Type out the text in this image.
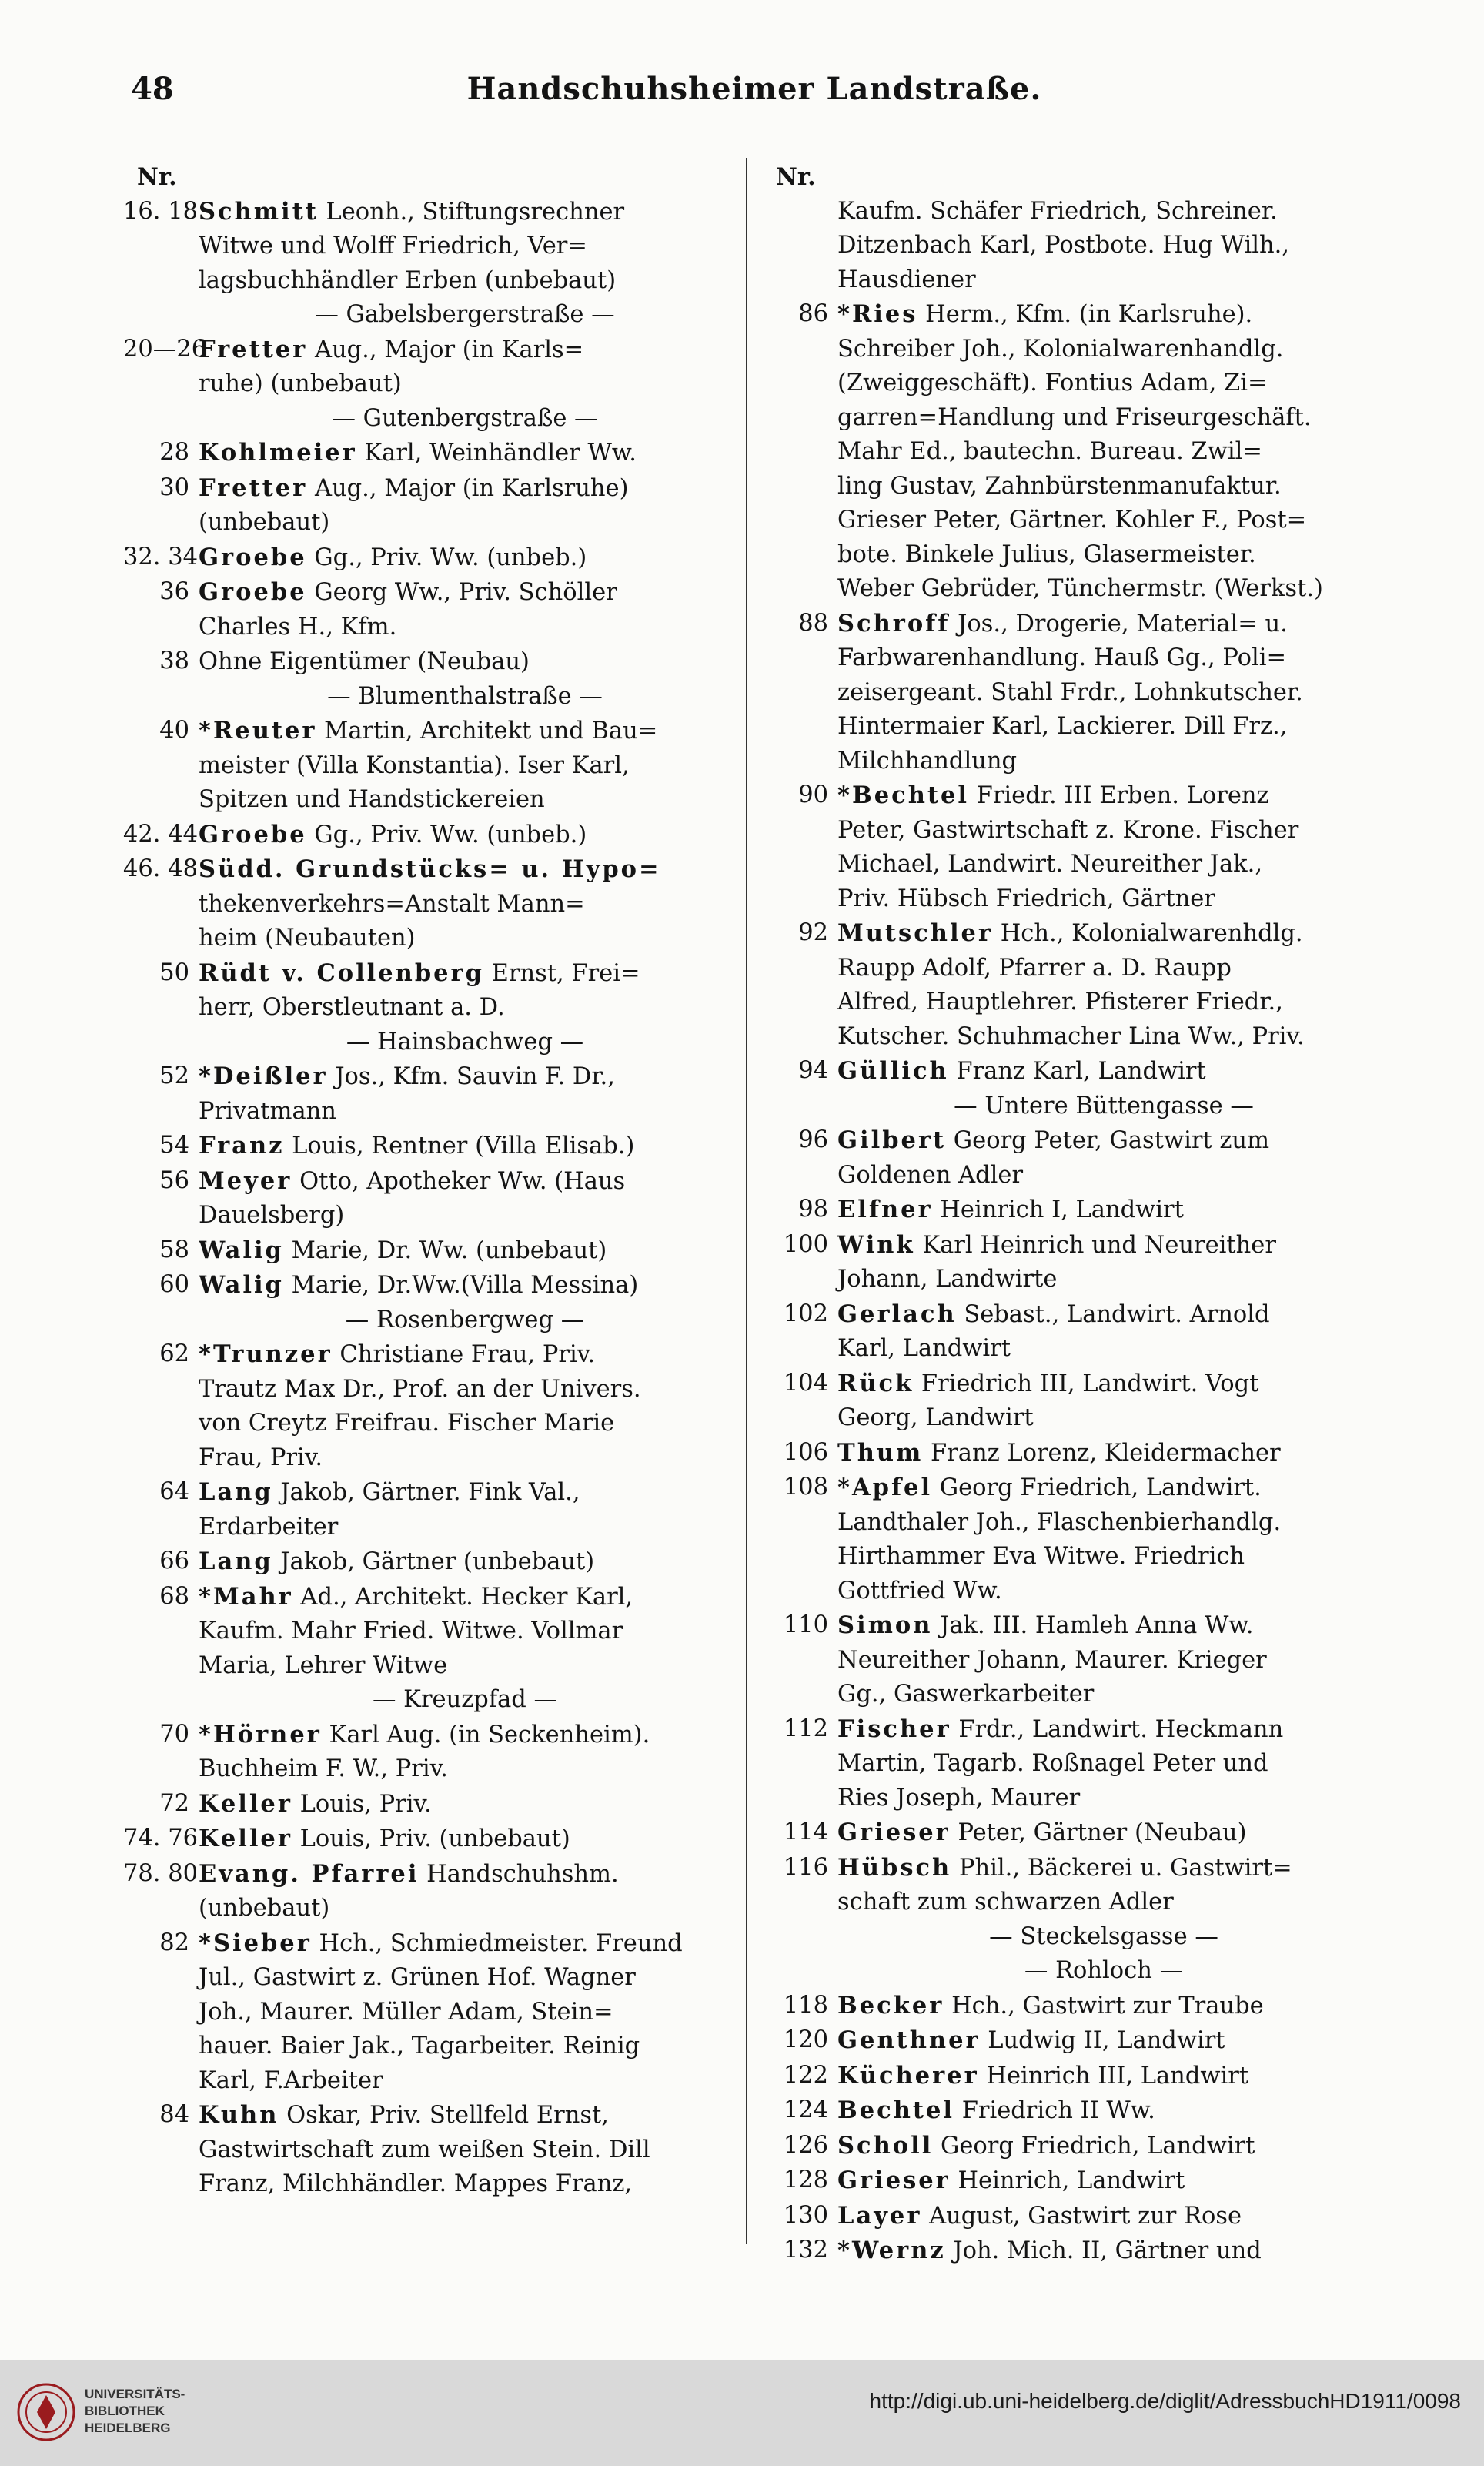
48	Handschuhsheimer Landstraße.
Nr.
16. 18 Schmitt Leonh., Stiftungsrechner
Witwe und Wolff Friedrich, Ver=
lagsbuchhändler Erben (unbebaut)
— Gabelsbergerstraße —
20—26
Fretter Aug., Major (in Karls=
ruhe) (unbebaut)
— Gutenbergstraße —
28 Kohlmeier Karl, Weinhändler Ww.
30 Fretter Aug., Major (in Karlsruhe)
(unbebaut)
32. 34 Groebe Gg., Priv. Ww. (unbeb.)
36 Groebe Georg Ww., Priv. Schöller
Charles H., Kfm.
38 Ohne Eigentümer (Neubau)
— Blumenthalstraße —
40 *Reuter Martin, Architekt und Bau=
meister (Villa Konstantia). Iser Karl,
Spitzen und Handstickereien
42. 44 Groebe Gg., Priv. Ww. (unbeb.)
46. 48 Südd. Grundstücks= u. Hypo=
thekenverkehrs=Anstalt Mann=
heim (Neubauten)
50 Rüdt v. Collenberg Ernst, Frei=
herr, Oberstleutnant a. D.
— Hainsbachweg —
52 *Deißler Jos., Kfm. Sauvin F. Dr.,
Privatmann
54 Franz Louis, Rentner (Villa Elisab.)
56 Meyer Otto, Apotheker Ww. (Haus
Dauelsberg)
58 Walig Marie, Dr. Ww. (unbebaut)
60 Walig Marie, Dr.Ww.(Villa Messina)
— Rosenbergweg —
62 *Trunzer Christiane Frau, Priv.
Trautz Max Dr., Prof. an der Univers.
von Creytz Freifrau. Fischer Marie
Frau, Priv.
64 Lang Jakob, Gärtner. Fink Val.,
Erdarbeiter
66 Lang Jakob, Gärtner (unbebaut)
68 *Mahr Ad., Architekt. Hecker Karl,
Kaufm. Mahr Fried. Witwe. Vollmar
Maria, Lehrer Witwe
— Kreuzpfad —
70 *Hörner Karl Aug. (in Seckenheim).
Buchheim F. W., Priv.
72 Keller Louis, Priv.
74. 76 Keller Louis, Priv. (unbebaut)
78. 80 Evang. Pfarrei Handschuhshm.
(unbebaut)
82 *Sieber Hch., Schmiedmeister. Freund
Jul., Gastwirt z. Grünen Hof. Wagner
Joh., Maurer. Müller Adam, Stein=
hauer. Baier Jak., Tagarbeiter. Reinig
Karl, F.Arbeiter
84 Kuhn Oskar, Priv. Stellfeld Ernst,
Gastwirtschaft zum weißen Stein. Dill
Franz, Milchhändler. Mappes Franz,
Nr.
Kaufm. Schäfer Friedrich, Schreiner.
Ditzenbach Karl, Postbote. Hug Wilh.,
Hausdiener
86 *Ries Herm., Kfm. (in Karlsruhe).
Schreiber Joh., Kolonialwarenhandlg.
(Zweiggeschäft). Fontius Adam, Zi=
garren=Handlung und Friseurgeschäft.
Mahr Ed., bautechn. Bureau. Zwil=
ling Gustav, Zahnbürstenmanufaktur.
Grieser Peter, Gärtner. Kohler F., Post=
bote. Binkele Julius, Glasermeister.
Weber Gebrüder, Tünchermstr. (Werkst.)
88 Schroff Jos., Drogerie, Material= u.
Farbwarenhandlung. Hauß Gg., Poli=
zeisergeant. Stahl Frdr., Lohnkutscher.
Hintermaier Karl, Lackierer. Dill Frz.,
Milchhandlung
90 *Bechtel Friedr. III Erben. Lorenz
Peter, Gastwirtschaft z. Krone. Fischer
Michael, Landwirt. Neureither Jak.,
Priv. Hübsch Friedrich, Gärtner
92 Mutschler Hch., Kolonialwarenhdlg.
Raupp Adolf, Pfarrer a. D. Raupp
Alfred, Hauptlehrer. Pfisterer Friedr.,
Kutscher. Schuhmacher Lina Ww., Priv.
94 Güllich Franz Karl, Landwirt
— Untere Büttengasse —
96 Gilbert Georg Peter, Gastwirt zum
Goldenen Adler
98 Elfner Heinrich I, Landwirt
100 Wink Karl Heinrich und Neureither
Johann, Landwirte
102 Gerlach Sebast., Landwirt. Arnold
Karl, Landwirt
104 Rück Friedrich III, Landwirt. Vogt
Georg, Landwirt
106 Thum Franz Lorenz, Kleidermacher
108 *Apfel Georg Friedrich, Landwirt.
Landthaler Joh., Flaschenbierhandlg.
Hirthammer Eva Witwe. Friedrich
Gottfried Ww.
110 Simon Jak. III. Hamleh Anna Ww.
Neureither Johann, Maurer. Krieger
Gg., Gaswerkarbeiter
112 Fischer Frdr., Landwirt. Heckmann
Martin, Tagarb. Roßnagel Peter und
Ries Joseph, Maurer
114 Grieser Peter, Gärtner (Neubau)
116 Hübsch Phil., Bäckerei u. Gastwirt=
schaft zum schwarzen Adler
— Steckelsgasse —
— Rohloch —
118 Becker Hch., Gastwirt zur Traube
120 Genthner Ludwig II, Landwirt
122 Kücherer Heinrich III, Landwirt
124 Bechtel Friedrich II Ww.
126 Scholl Georg Friedrich, Landwirt
128 Grieser Heinrich, Landwirt
130 Layer August, Gastwirt zur Rose
132 *Wernz Joh. Mich. II, Gärtner und
UNIVERSITÄTS-
BIBLIOTHEK
HEIDELBERG
http://digi.ub.uni-heidelberg.de/diglit/AdressbuchHD1911/0098
